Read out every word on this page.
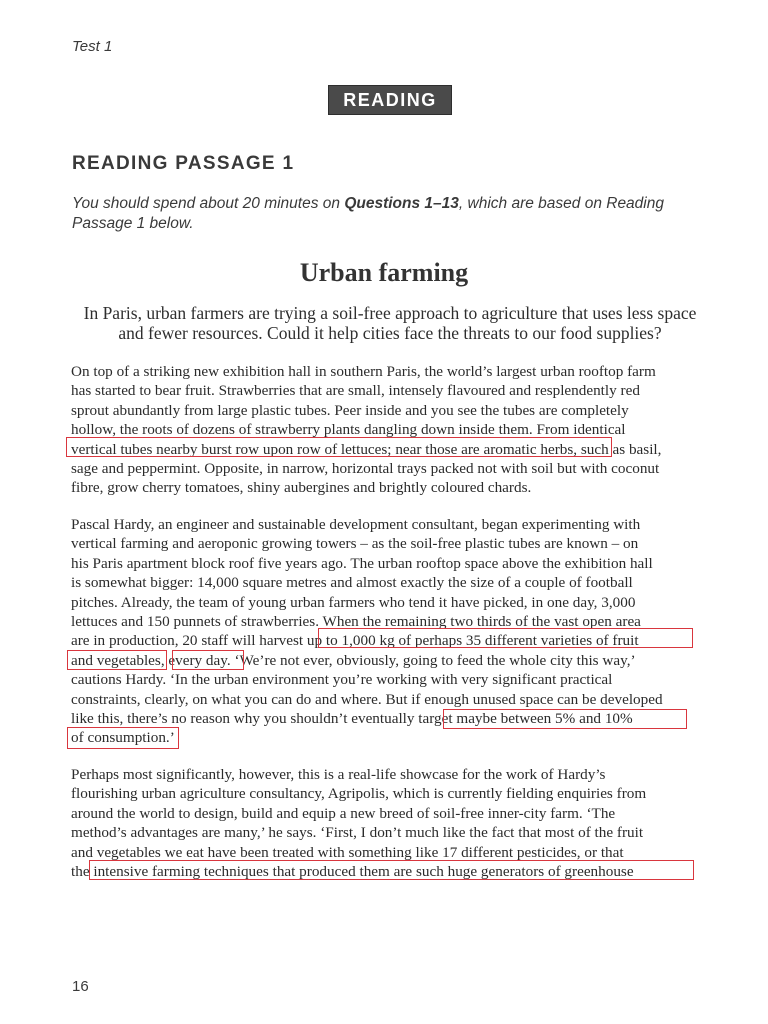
Test 1
READING
READING PASSAGE 1
You should spend about 20 minutes on Questions 1–13, which are based on Reading Passage 1 below.
Urban farming
In Paris, urban farmers are trying a soil-free approach to agriculture that uses less space and fewer resources. Could it help cities face the threats to our food supplies?
On top of a striking new exhibition hall in southern Paris, the world’s largest urban rooftop farm
has started to bear fruit. Strawberries that are small, intensely flavoured and resplendently red
sprout abundantly from large plastic tubes. Peer inside and you see the tubes are completely
hollow, the roots of dozens of strawberry plants dangling down inside them. From identical
vertical tubes nearby burst row upon row of lettuces; near those are aromatic herbs, such as basil,
sage and peppermint. Opposite, in narrow, horizontal trays packed not with soil but with coconut
fibre, grow cherry tomatoes, shiny aubergines and brightly coloured chards.
Pascal Hardy, an engineer and sustainable development consultant, began experimenting with
vertical farming and aeroponic growing towers – as the soil-free plastic tubes are known – on
his Paris apartment block roof five years ago. The urban rooftop space above the exhibition hall
is somewhat bigger: 14,000 square metres and almost exactly the size of a couple of football
pitches. Already, the team of young urban farmers who tend it have picked, in one day, 3,000
lettuces and 150 punnets of strawberries. When the remaining two thirds of the vast open area
are in production, 20 staff will harvest up to 1,000 kg of perhaps 35 different varieties of fruit
and vegetables, every day. ‘We’re not ever, obviously, going to feed the whole city this way,’
cautions Hardy. ‘In the urban environment you’re working with very significant practical
constraints, clearly, on what you can do and where. But if enough unused space can be developed
like this, there’s no reason why you shouldn’t eventually target maybe between 5% and 10%
of consumption.’
Perhaps most significantly, however, this is a real-life showcase for the work of Hardy’s
flourishing urban agriculture consultancy, Agripolis, which is currently fielding enquiries from
around the world to design, build and equip a new breed of soil-free inner-city farm. ‘The
method’s advantages are many,’ he says. ‘First, I don’t much like the fact that most of the fruit
and vegetables we eat have been treated with something like 17 different pesticides, or that
the intensive farming techniques that produced them are such huge generators of greenhouse
16
